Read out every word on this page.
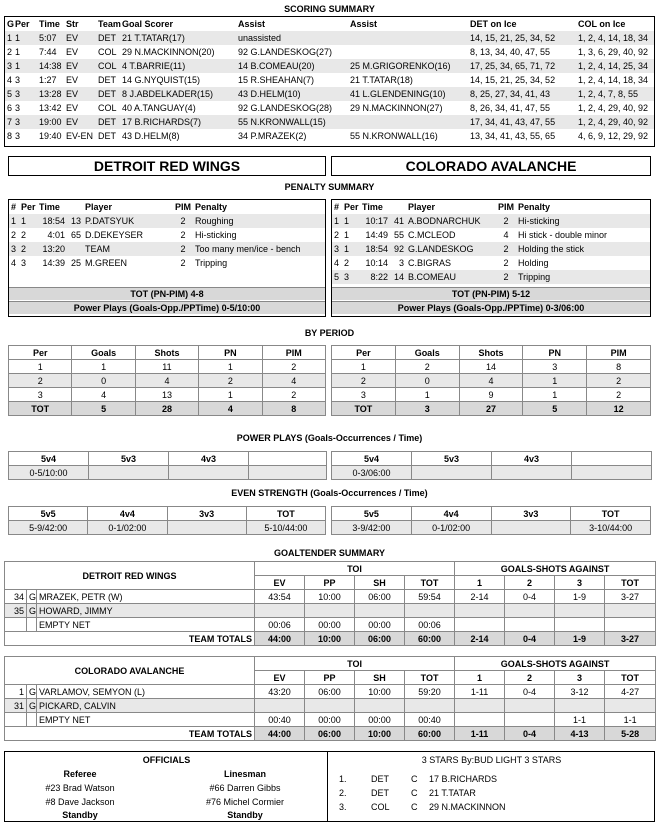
SCORING SUMMARY
G	Per	Time	Str	Team	Goal Scorer	Assist	Assist	DET on Ice	COL on Ice
1	1	5:07	EV	DET	21 T.TATAR(17)	unassisted		14, 15, 21, 25, 34, 52	1, 2, 4, 14, 18, 34
2	1	7:44	EV	COL	29 N.MACKINNON(20)	92 G.LANDESKOG(27)		8, 13, 34, 40, 47, 55	1, 3, 6, 29, 40, 92
3	1	14:38	EV	COL	4 T.BARRIE(11)	14 B.COMEAU(20)	25 M.GRIGORENKO(16)	17, 25, 34, 65, 71, 72	1, 2, 4, 14, 25, 34
4	3	1:27	EV	DET	14 G.NYQUIST(15)	15 R.SHEAHAN(7)	21 T.TATAR(18)	14, 15, 21, 25, 34, 52	1, 2, 4, 14, 18, 34
5	3	13:28	EV	DET	8 J.ABDELKADER(15)	43 D.HELM(10)	41 L.GLENDENING(10)	8, 25, 27, 34, 41, 43	1, 2, 4, 7, 8, 55
6	3	13:42	EV	COL	40 A.TANGUAY(4)	92 G.LANDESKOG(28)	29 N.MACKINNON(27)	8, 26, 34, 41, 47, 55	1, 2, 4, 29, 40, 92
7	3	19:00	EV	DET	17 B.RICHARDS(7)	55 N.KRONWALL(15)		17, 34, 41, 43, 47, 55	1, 2, 4, 29, 40, 92
8	3	19:40	EV-EN	DET	43 D.HELM(8)	34 P.MRAZEK(2)	55 N.KRONWALL(16)	13, 34, 41, 43, 55, 65	4, 6, 9, 12, 29, 92
DETROIT RED WINGS	COLORADO AVALANCHE
PENALTY SUMMARY
#	Per	Time		Player	PIM	Penalty
1	1	18:54	13	P.DATSYUK	2	Roughing
2	2	4:01	65	D.DEKEYSER	2	Hi-sticking
3	2	13:20		TEAM	2	Too many men/ice - bench
4	3	14:39	25	M.GREEN	2	Tripping
TOT (PN-PIM) 4-8
Power Plays (Goals-Opp./PPTime) 0-5/10:00
#	Per	Time		Player	PIM	Penalty
1	1	10:17	41	A.BODNARCHUK	2	Hi-sticking
2	1	14:49	55	C.MCLEOD	4	Hi stick - double minor
3	1	18:54	92	G.LANDESKOG	2	Holding the stick
4	2	10:14	3	C.BIGRAS	2	Holding
5	3	8:22	14	B.COMEAU	2	Tripping
TOT (PN-PIM) 5-12
Power Plays (Goals-Opp./PPTime) 0-3/06:00
BY PERIOD
Per	Goals	Shots	PN	PIM
1	1	11	1	2
2	0	4	2	4
3	4	13	1	2
TOT	5	28	4	8
Per	Goals	Shots	PN	PIM
1	2	14	3	8
2	0	4	1	2
3	1	9	1	2
TOT	3	27	5	12
POWER PLAYS (Goals-Occurrences / Time)
5v4	5v3	4v3	
0-5/10:00			
5v4	5v3	4v3	
0-3/06:00			
EVEN STRENGTH (Goals-Occurrences / Time)
5v5	4v4	3v3	TOT
5-9/42:00	0-1/02:00		5-10/44:00
5v5	4v4	3v3	TOT
3-9/42:00	0-1/02:00		3-10/44:00
GOALTENDER SUMMARY
DETROIT RED WINGS			TOI				GOALS-SHOTS AGAINST			
			EV	PP	SH	TOT	1	2	3	TOT
34	G	MRAZEK, PETR (W)	43:54	10:00	06:00	59:54	2-14	0-4	1-9	3-27
35	G	HOWARD, JIMMY								
		EMPTY NET	00:06	00:00	00:00	00:06				
TEAM TOTALS			44:00	10:00	06:00	60:00	2-14	0-4	1-9	3-27
COLORADO AVALANCHE			TOI				GOALS-SHOTS AGAINST			
			EV	PP	SH	TOT	1	2	3	TOT
1	G	VARLAMOV, SEMYON (L)	43:20	06:00	10:00	59:20	1-11	0-4	3-12	4-27
31	G	PICKARD, CALVIN								
		EMPTY NET	00:40	00:00	00:00	00:40			1-1	1-1
TEAM TOTALS			44:00	06:00	10:00	60:00	1-11	0-4	4-13	5-28
OFFICIALS
Referee	Linesman
#23 Brad Watson
#8 Dave Jackson
#66 Darren Gibbs
#76 Michel Cormier
Standby	Standby
3 STARS By:BUD LIGHT 3 STARS
1.	DET	C	17 B.RICHARDS
2.	DET	C	21 T.TATAR
3.	COL	C	29 N.MACKINNON
